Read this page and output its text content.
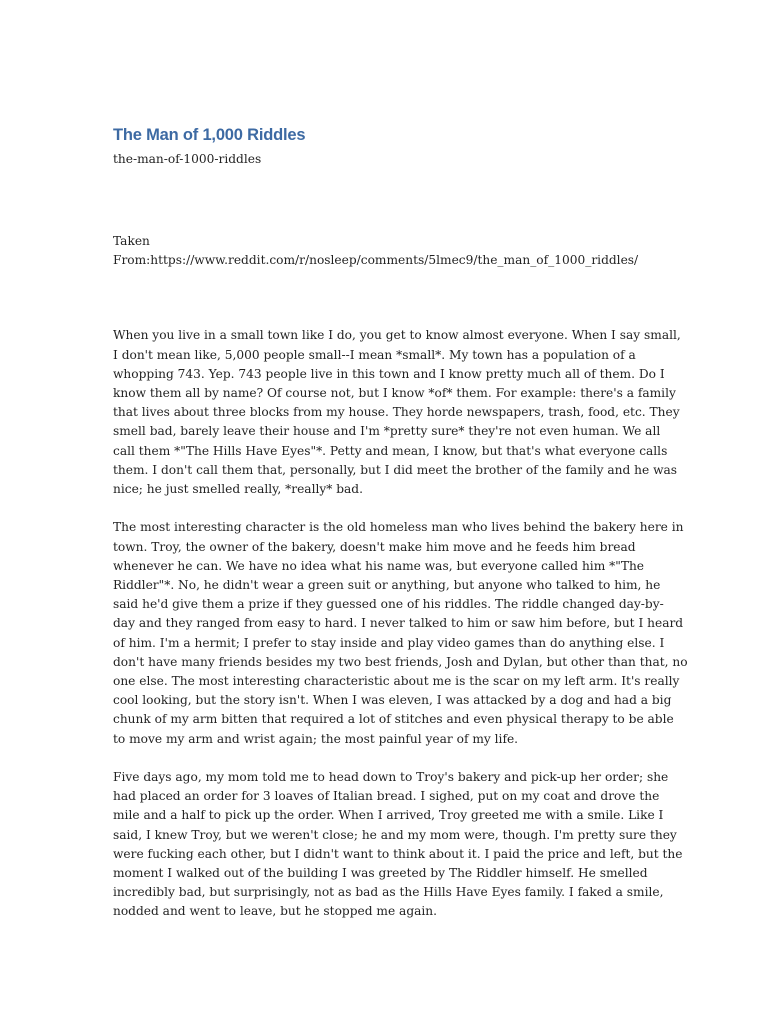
The Man of 1,000 Riddles

the-man-of-1000-riddles

Taken
From:https://www.reddit.com/r/nosleep/comments/5lmec9/the_man_of_1000_riddles/

When you live in a small town like I do, you get to know almost everyone. When I say small,
I don't mean like, 5,000 people small--I mean *small*. My town has a population of a
whopping 743. Yep. 743 people live in this town and I know pretty much all of them. Do I
know them all by name? Of course not, but I know *of* them. For example: there's a family
that lives about three blocks from my house. They horde newspapers, trash, food, etc. They
smell bad, barely leave their house and I'm *pretty sure* they're not even human. We all
call them *"The Hills Have Eyes"*. Petty and mean, I know, but that's what everyone calls
them. I don't call them that, personally, but I did meet the brother of the family and he was
nice; he just smelled really, *really* bad.

The most interesting character is the old homeless man who lives behind the bakery here in
town. Troy, the owner of the bakery, doesn't make him move and he feeds him bread
whenever he can. We have no idea what his name was, but everyone called him *"The
Riddler"*. No, he didn't wear a green suit or anything, but anyone who talked to him, he
said he'd give them a prize if they guessed one of his riddles. The riddle changed day-by-
day and they ranged from easy to hard. I never talked to him or saw him before, but I heard
of him. I'm a hermit; I prefer to stay inside and play video games than do anything else. I
don't have many friends besides my two best friends, Josh and Dylan, but other than that, no
one else. The most interesting characteristic about me is the scar on my left arm. It's really
cool looking, but the story isn't. When I was eleven, I was attacked by a dog and had a big
chunk of my arm bitten that required a lot of stitches and even physical therapy to be able
to move my arm and wrist again; the most painful year of my life.

Five days ago, my mom told me to head down to Troy's bakery and pick-up her order; she
had placed an order for 3 loaves of Italian bread. I sighed, put on my coat and drove the
mile and a half to pick up the order. When I arrived, Troy greeted me with a smile. Like I
said, I knew Troy, but we weren't close; he and my mom were, though. I'm pretty sure they
were fucking each other, but I didn't want to think about it. I paid the price and left, but the
moment I walked out of the building I was greeted by The Riddler himself. He smelled
incredibly bad, but surprisingly, not as bad as the Hills Have Eyes family. I faked a smile,
nodded and went to leave, but he stopped me again.
